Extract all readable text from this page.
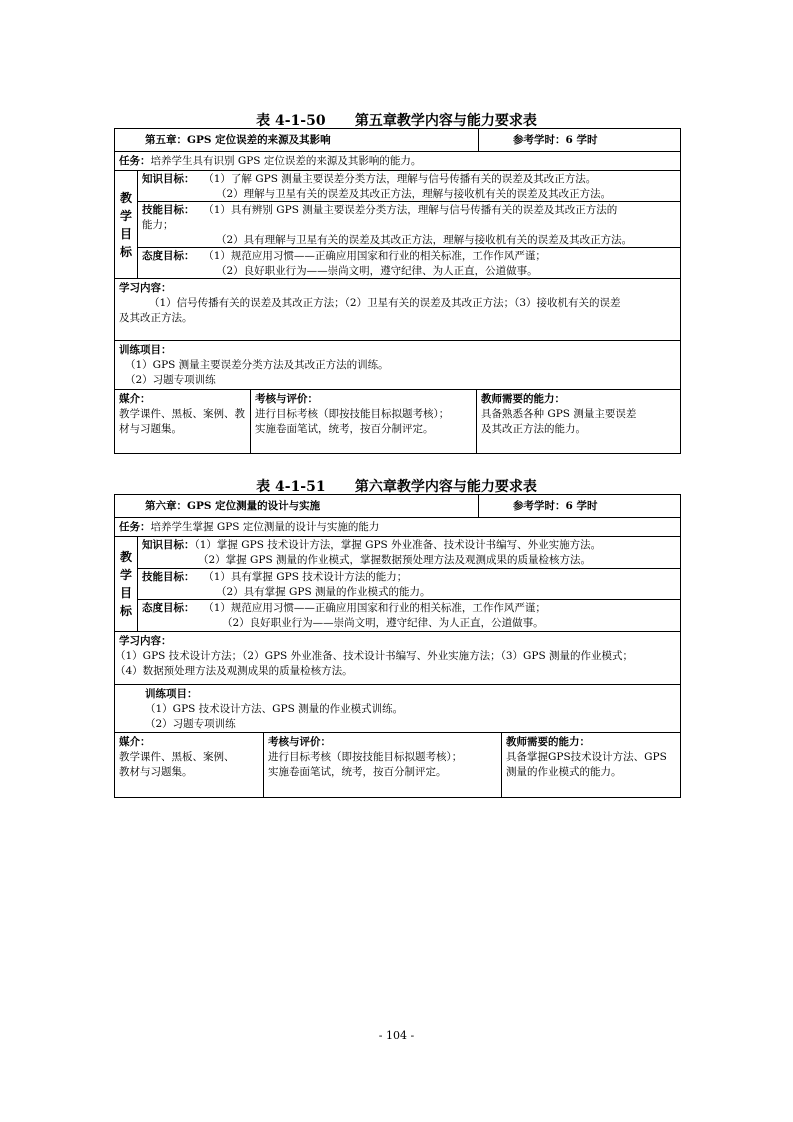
表 4-1-50      第五章教学内容与能力要求表
第五章：GPS 定位误差的来源及其影响	参考学时：6 学时
任务：培养学生具有识别 GPS 定位误差的来源及其影响的能力。
教
学
目
标
知识目标： （1）了解 GPS 测量主要误差分类方法，理解与信号传播有关的误差及其改正方法。
（2）理解与卫星有关的误差及其改正方法，理解与接收机有关的误差及其改正方法。
技能目标： （1）具有辨别 GPS 测量主要误差分类方法，理解与信号传播有关的误差及其改正方法的
能力；
（2）具有理解与卫星有关的误差及其改正方法，理解与接收机有关的误差及其改正方法。
态度目标： （1）规范应用习惯——正确应用国家和行业的相关标准，工作作风严谨；
（2）良好职业行为——崇尚文明，遵守纪律、为人正直，公道做事。
学习内容：
（1）信号传播有关的误差及其改正方法；（2）卫星有关的误差及其改正方法；（3）接收机有关的误差
及其改正方法。
训练项目：
（1）GPS 测量主要误差分类方法及其改正方法的训练。
（2）习题专项训练
媒介：
教学课件、黑板、案例、教
材与习题集。
考核与评价：
进行目标考核（即按技能目标拟题考核）；
实施卷面笔试，统考，按百分制评定。
教师需要的能力：
具备熟悉各种 GPS 测量主要误差
及其改正方法的能力。
表 4-1-51      第六章教学内容与能力要求表
第六章：GPS 定位测量的设计与实施	参考学时：6 学时
任务：培养学生掌握 GPS 定位测量的设计与实施的能力
教
学
目
标
知识目标：（1）掌握 GPS 技术设计方法，掌握 GPS 外业准备、技术设计书编写、外业实施方法。
（2）掌握 GPS 测量的作业模式，掌握数据预处理方法及观测成果的质量检核方法。
技能目标： （1）具有掌握 GPS 技术设计方法的能力；
（2）具有掌握 GPS 测量的作业模式的能力。
态度目标： （1）规范应用习惯——正确应用国家和行业的相关标准，工作作风严谨；
（2）良好职业行为——崇尚文明，遵守纪律、为人正直，公道做事。
学习内容：
（1）GPS 技术设计方法；（2）GPS 外业准备、技术设计书编写、外业实施方法；（3）GPS 测量的作业模式；
（4）数据预处理方法及观测成果的质量检核方法。
训练项目：
（1）GPS 技术设计方法、GPS 测量的作业模式训练。
（2）习题专项训练
媒介：
教学课件、黑板、案例、
教材与习题集。
考核与评价：
进行目标考核（即按技能目标拟题考核）；
实施卷面笔试，统考，按百分制评定。
教师需要的能力：
具备掌握GPS技术设计方法、GPS
测量的作业模式的能力。
- 104 -
